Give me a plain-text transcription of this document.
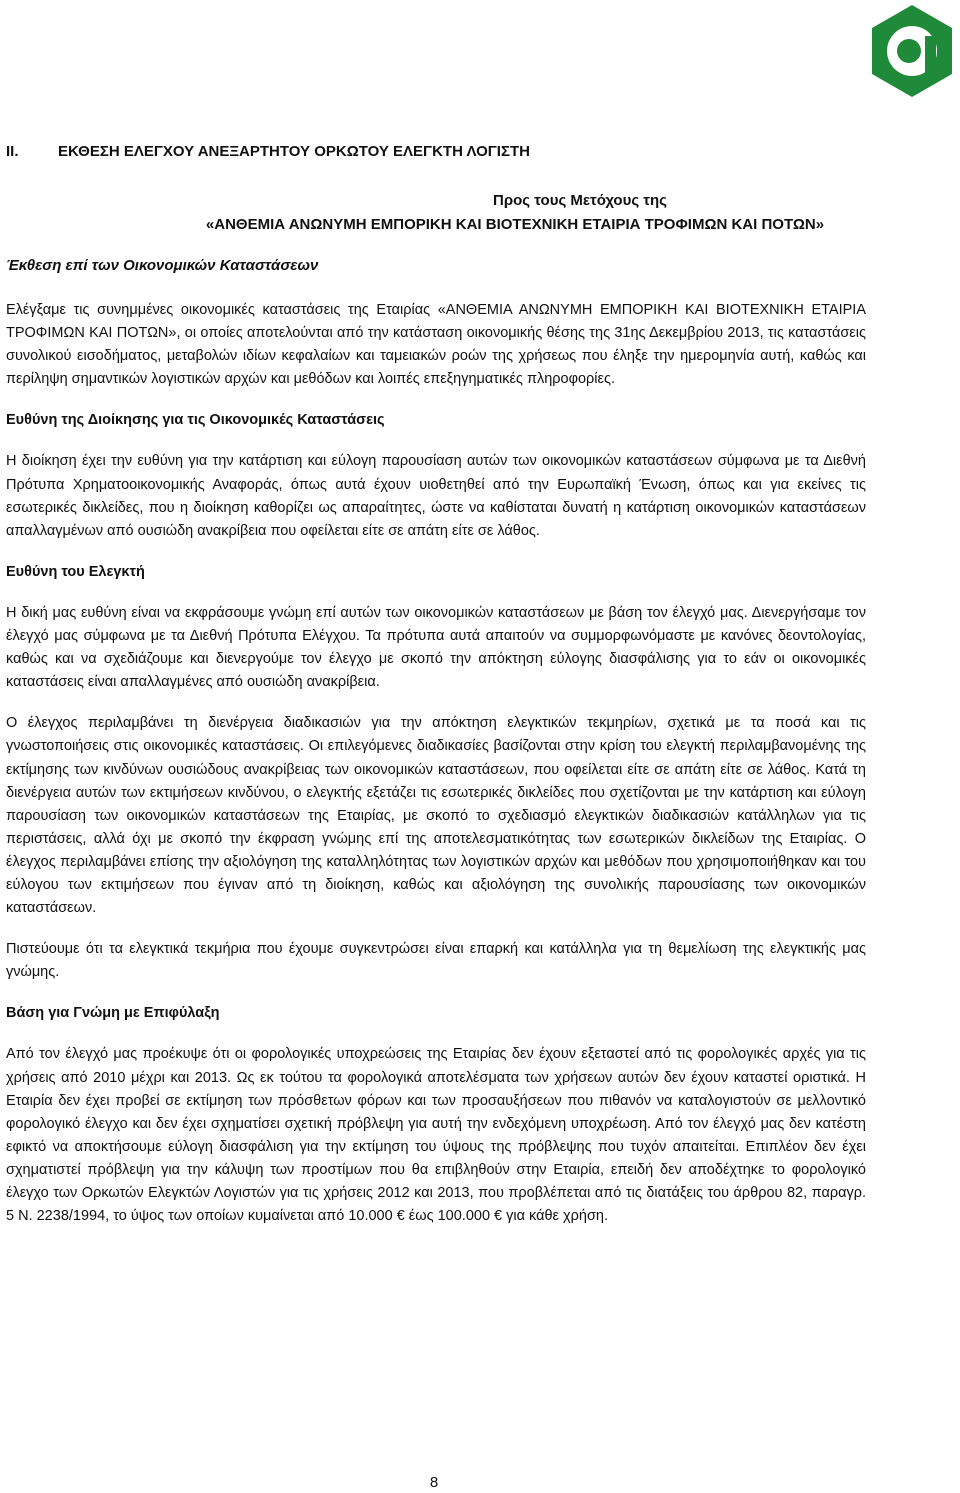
II.	ΕΚΘΕΣΗ ΕΛΕΓΧΟΥ ΑΝΕΞΑΡΤΗΤΟΥ ΟΡΚΩΤΟΥ ΕΛΕΓΚΤΗ ΛΟΓΙΣΤΗ
Προς τους Μετόχους της
«ΑΝΘΕΜΙΑ ΑΝΩΝΥΜΗ ΕΜΠΟΡΙΚΗ ΚΑΙ ΒΙΟΤΕΧΝΙΚΗ ΕΤΑΙΡΙΑ ΤΡΟΦΙΜΩΝ ΚΑΙ ΠΟΤΩΝ»
Έκθεση επί των Οικονομικών Καταστάσεων

Ελέγξαμε τις συνημμένες οικονομικές καταστάσεις της Εταιρίας «ΑΝΘΕΜΙΑ ΑΝΩΝΥΜΗ ΕΜΠΟΡΙΚΗ ΚΑΙ ΒΙΟΤΕΧΝΙΚΗ ΕΤΑΙΡΙΑ ΤΡΟΦΙΜΩΝ ΚΑΙ ΠΟΤΩΝ», οι οποίες αποτελούνται από την κατάσταση οικονομικής θέσης της 31ης Δεκεμβρίου 2013, τις καταστάσεις συνολικού εισοδήματος, μεταβολών ιδίων κεφαλαίων και ταμειακών ροών της χρήσεως που έληξε την ημερομηνία αυτή, καθώς και περίληψη σημαντικών λογιστικών αρχών και μεθόδων και λοιπές επεξηγηματικές πληροφορίες.

Ευθύνη της Διοίκησης για τις Οικονομικές Καταστάσεις

Η διοίκηση έχει την ευθύνη για την κατάρτιση και εύλογη παρουσίαση αυτών των οικονομικών καταστάσεων σύμφωνα με τα Διεθνή Πρότυπα Χρηματοοικονομικής Αναφοράς, όπως αυτά έχουν υιοθετηθεί από την Ευρωπαϊκή Ένωση, όπως και για εκείνες τις εσωτερικές δικλείδες, που η διοίκηση καθορίζει ως απαραίτητες, ώστε να καθίσταται δυνατή η κατάρτιση οικονομικών καταστάσεων απαλλαγμένων από ουσιώδη ανακρίβεια που οφείλεται είτε σε απάτη είτε σε λάθος.

Ευθύνη του Ελεγκτή

Η δική μας ευθύνη είναι να εκφράσουμε γνώμη επί αυτών των οικονομικών καταστάσεων με βάση τον έλεγχό μας. Διενεργήσαμε τον έλεγχό μας σύμφωνα με τα Διεθνή Πρότυπα Ελέγχου. Τα πρότυπα αυτά απαιτούν να συμμορφωνόμαστε με κανόνες δεοντολογίας, καθώς και να σχεδιάζουμε και διενεργούμε τον έλεγχο με σκοπό την απόκτηση εύλογης διασφάλισης για το εάν οι οικονομικές καταστάσεις είναι απαλλαγμένες από ουσιώδη ανακρίβεια.

Ο έλεγχος περιλαμβάνει τη διενέργεια διαδικασιών για την απόκτηση ελεγκτικών τεκμηρίων, σχετικά με τα ποσά και τις γνωστοποιήσεις στις οικονομικές καταστάσεις. Οι επιλεγόμενες διαδικασίες βασίζονται στην κρίση του ελεγκτή περιλαμβανομένης της εκτίμησης των κινδύνων ουσιώδους ανακρίβειας των οικονομικών καταστάσεων, που οφείλεται είτε σε απάτη είτε σε λάθος. Κατά τη διενέργεια αυτών των εκτιμήσεων κινδύνου, ο ελεγκτής εξετάζει τις εσωτερικές δικλείδες που σχετίζονται με την κατάρτιση και εύλογη παρουσίαση των οικονομικών καταστάσεων της Εταιρίας, με σκοπό το σχεδιασμό ελεγκτικών διαδικασιών κατάλληλων για τις περιστάσεις, αλλά όχι με σκοπό την έκφραση γνώμης επί της αποτελεσματικότητας των εσωτερικών δικλείδων της Εταιρίας. Ο έλεγχος περιλαμβάνει επίσης την αξιολόγηση της καταλληλότητας των λογιστικών αρχών και μεθόδων που χρησιμοποιήθηκαν και του εύλογου των εκτιμήσεων που έγιναν από τη διοίκηση, καθώς και αξιολόγηση της συνολικής παρουσίασης των οικονομικών καταστάσεων.

Πιστεύουμε ότι τα ελεγκτικά τεκμήρια που έχουμε συγκεντρώσει είναι επαρκή και κατάλληλα για τη θεμελίωση της ελεγκτικής μας γνώμης.

Βάση για Γνώμη με Επιφύλαξη

Από τον έλεγχό μας προέκυψε ότι οι φορολογικές υποχρεώσεις της Εταιρίας δεν έχουν εξεταστεί από τις φορολογικές αρχές για τις χρήσεις από 2010 μέχρι και 2013. Ως εκ τούτου τα φορολογικά αποτελέσματα των χρήσεων αυτών δεν έχουν καταστεί οριστικά. Η Εταιρία δεν έχει προβεί σε εκτίμηση των πρόσθετων φόρων και των προσαυξήσεων που πιθανόν να καταλογιστούν σε μελλοντικό φορολογικό έλεγχο και δεν έχει σχηματίσει σχετική πρόβλεψη για αυτή την ενδεχόμενη υποχρέωση. Από τον έλεγχό μας δεν κατέστη εφικτό να αποκτήσουμε εύλογη διασφάλιση για την εκτίμηση του ύψους της πρόβλεψης που τυχόν απαιτείται. Επιπλέον δεν έχει σχηματιστεί πρόβλεψη για την κάλυψη των προστίμων που θα επιβληθούν στην Εταιρία, επειδή δεν αποδέχτηκε το φορολογικό έλεγχο των Ορκωτών Ελεγκτών Λογιστών για τις χρήσεις 2012 και 2013, που προβλέπεται από τις διατάξεις του άρθρου 82, παραγρ. 5 Ν. 2238/1994, το ύψος των οποίων κυμαίνεται από 10.000 € έως 100.000 € για κάθε χρήση.

8
